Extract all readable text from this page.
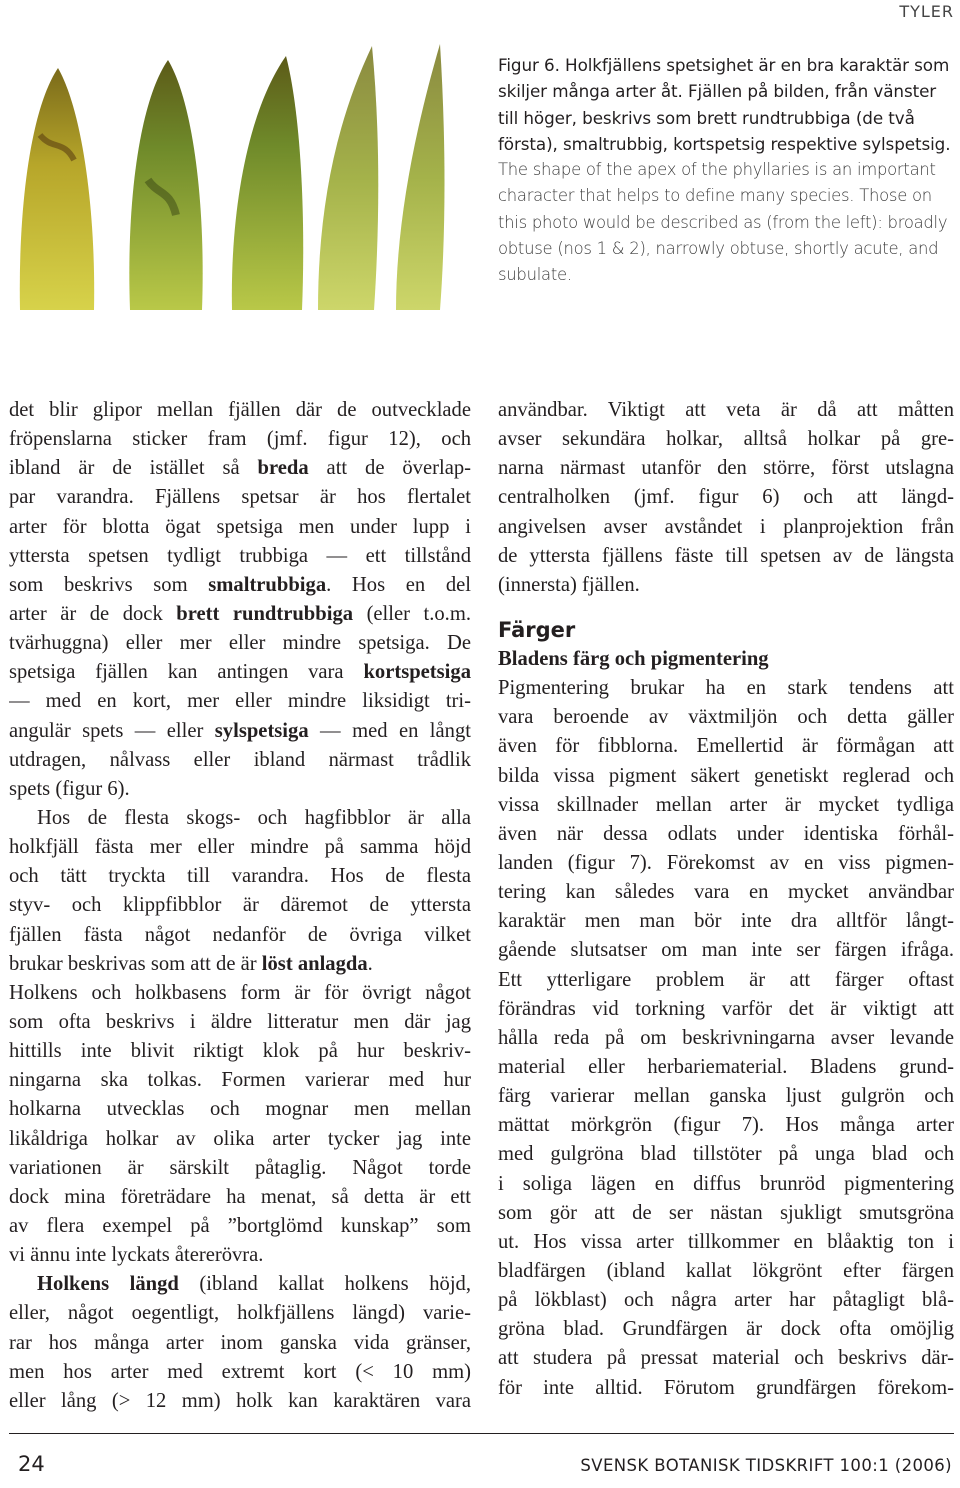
TYLER
Figur 6. Holkfjällens spetsighet är en bra karaktär som skiljer många arter åt. Fjällen på bilden, från vänster till höger, beskrivs som brett rundtrubbiga (de två första), smaltrubbig, kortspetsig respektive sylspetsig.
The shape of the apex of the phyllaries is an important character that helps to define many species. Those on this photo would be described as (from the left): broadly obtuse (nos 1 & 2), narrowly obtuse, shortly acute, and subulate.
det blir glipor mellan fjällen där de outvecklade
fröpenslarna sticker fram (jmf. figur 12), och
ibland är de istället så breda att de överlap-
par varandra. Fjällens spetsar är hos flertalet
arter för blotta ögat spetsiga men under lupp i
yttersta spetsen tydligt trubbiga — ett tillstånd
som beskrivs som smaltrubbiga. Hos en del
arter är de dock brett rundtrubbiga (eller t.o.m.
tvärhuggna) eller mer eller mindre spetsiga. De
spetsiga fjällen kan antingen vara kortspetsiga
— med en kort, mer eller mindre liksidigt tri-
angulär spets — eller sylspetsiga — med en långt
utdragen, nålvass eller ibland närmast trådlik
spets (figur 6).
Hos de flesta skogs- och hagfibblor är alla
holkfjäll fästa mer eller mindre på samma höjd
och tätt tryckta till varandra. Hos de flesta
styv- och klippfibblor är däremot de yttersta
fjällen fästa något nedanför de övriga vilket
brukar beskrivas som att de är löst anlagda.
Holkens och holkbasens form är för övrigt något
som ofta beskrivs i äldre litteratur men där jag
hittills inte blivit riktigt klok på hur beskriv-
ningarna ska tolkas. Formen varierar med hur
holkarna utvecklas och mognar men mellan
likåldriga holkar av olika arter tycker jag inte
variationen är särskilt påtaglig. Något torde
dock mina företrädare ha menat, så detta är ett
av flera exempel på ”bortglömd kunskap” som
vi ännu inte lyckats återerövra.
Holkens längd (ibland kallat holkens höjd,
eller, något oegentligt, holkfjällens längd) varie-
rar hos många arter inom ganska vida gränser,
men hos arter med extremt kort (< 10 mm)
eller lång (> 12 mm) holk kan karaktären vara
användbar. Viktigt att veta är då att måtten
avser sekundära holkar, alltså holkar på gre-
narna närmast utanför den större, först utslagna
centralholken (jmf. figur 6) och att längd-
angivelsen avser avståndet i planprojektion från
de yttersta fjällens fäste till spetsen av de längsta
(innersta) fjällen.
Färger
Bladens färg och pigmentering
Pigmentering brukar ha en stark tendens att
vara beroende av växtmiljön och detta gäller
även för fibblorna. Emellertid är förmågan att
bilda vissa pigment säkert genetiskt reglerad och
vissa skillnader mellan arter är mycket tydliga
även när dessa odlats under identiska förhål-
landen (figur 7). Förekomst av en viss pigmen-
tering kan således vara en mycket användbar
karaktär men man bör inte dra alltför långt-
gående slutsatser om man inte ser färgen ifråga.
Ett ytterligare problem är att färger oftast
förändras vid torkning varför det är viktigt att
hålla reda på om beskrivningarna avser levande
material eller herbariematerial. Bladens grund-
färg varierar mellan ganska ljust gulgrön och
mättat mörkgrön (figur 7). Hos många arter
med gulgröna blad tillstöter på unga blad och
i soliga lägen en diffus brunröd pigmentering
som gör att de ser nästan sjukligt smutsgröna
ut. Hos vissa arter tillkommer en blåaktig ton i
bladfärgen (ibland kallat lökgrönt efter färgen
på lökblast) och några arter har påtagligt blå-
gröna blad. Grundfärgen är dock ofta omöjlig
att studera på pressat material och beskrivs där-
för inte alltid. Förutom grundfärgen förekom-
24	SVENSK BOTANISK TIDSKRIFT 100:1 (2006)
